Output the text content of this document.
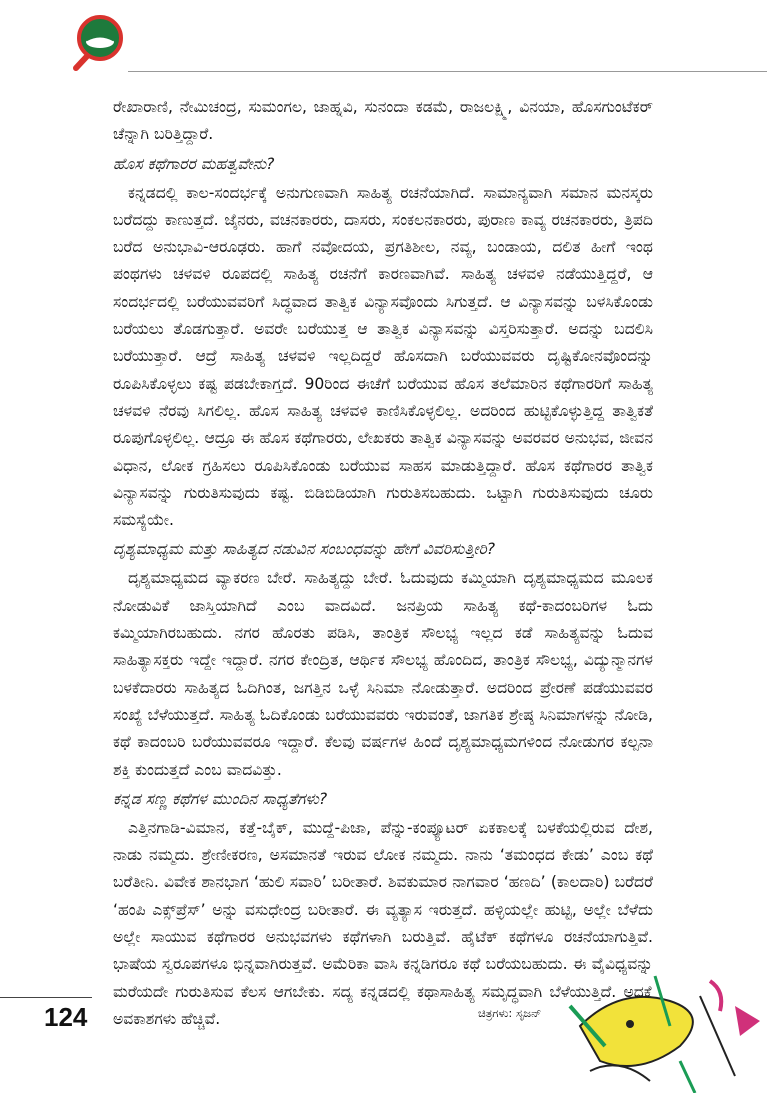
ರೇಖಾರಾಣಿ, ನೇಮಿಚಂದ್ರ, ಸುಮಂಗಲ, ಜಾಹ್ನವಿ, ಸುನಂದಾ ಕಡಮೆ, ರಾಜಲಕ್ಷ್ಮಿ, ವಿನಯಾ, ಹೊಸಗುಂಟೆಕರ್ ಚೆನ್ನಾಗಿ ಬರಿತ್ತಿದ್ದಾರೆ.

ಹೊಸ ಕಥೆಗಾರರ ಮಹತ್ವವೇನು?

ಕನ್ನಡದಲ್ಲಿ ಕಾಲ-ಸಂದರ್ಭಕ್ಕೆ ಅನುಗುಣವಾಗಿ ಸಾಹಿತ್ಯ ರಚನೆಯಾಗಿದೆ. ಸಾಮಾನ್ಯವಾಗಿ ಸಮಾನ ಮನಸ್ಕರು ಬರೆದದ್ದು ಕಾಣುತ್ತದೆ. ಜೈನರು, ವಚನಕಾರರು, ದಾಸರು, ಸಂಕಲನಕಾರರು, ಪುರಾಣ ಕಾವ್ಯ ರಚನಕಾರರು, ತ್ರಿಪದಿ ಬರೆದ ಅನುಭಾವಿ-ಆರೂಢರು. ಹಾಗೆ ನವೋದಯ, ಪ್ರಗತಿಶೀಲ, ನವ್ಯ, ಬಂಡಾಯ, ದಲಿತ ಹೀಗೆ ಇಂಥ ಪಂಥಗಳು ಚಳವಳಿ ರೂಪದಲ್ಲಿ ಸಾಹಿತ್ಯ ರಚನೆಗೆ ಕಾರಣವಾಗಿವೆ. ಸಾಹಿತ್ಯ ಚಳವಳಿ ನಡೆಯುತ್ತಿದ್ದರೆ, ಆ ಸಂದರ್ಭದಲ್ಲಿ ಬರೆಯುವವರಿಗೆ ಸಿದ್ಧವಾದ ತಾತ್ವಿಕ ವಿನ್ಯಾಸವೊಂದು ಸಿಗುತ್ತದೆ. ಆ ವಿನ್ಯಾಸವನ್ನು ಬಳಸಿಕೊಂಡು ಬರೆಯಲು ತೊಡಗುತ್ತಾರೆ. ಅವರೇ ಬರೆಯುತ್ತ ಆ ತಾತ್ವಿಕ ವಿನ್ಯಾಸವನ್ನು ವಿಸ್ತರಿಸುತ್ತಾರೆ. ಅದನ್ನು ಬದಲಿಸಿ ಬರೆಯುತ್ತಾರೆ. ಆದ್ರೆ ಸಾಹಿತ್ಯ ಚಳವಳಿ ಇಲ್ಲದಿದ್ದರೆ ಹೊಸದಾಗಿ ಬರೆಯುವವರು ದೃಷ್ಟಿಕೋನವೊಂದನ್ನು ರೂಪಿಸಿಕೊಳ್ಳಲು ಕಷ್ಟ ಪಡಬೇಕಾಗ್ತದೆ. 90ರಿಂದ ಈಚೆಗೆ ಬರೆಯುವ ಹೊಸ ತಲೆಮಾರಿನ ಕಥೆಗಾರರಿಗೆ ಸಾಹಿತ್ಯ ಚಳವಳಿ ನೆರವು ಸಿಗಲಿಲ್ಲ. ಹೊಸ ಸಾಹಿತ್ಯ ಚಳವಳಿ ಕಾಣಿಸಿಕೊಳ್ಳಲಿಲ್ಲ. ಅದರಿಂದ ಹುಟ್ಟಿಕೊಳ್ಳುತ್ತಿದ್ದ ತಾತ್ವಿಕತೆ ರೂಪುಗೊಳ್ಳಲಿಲ್ಲ. ಆದ್ರೂ ಈ ಹೊಸ ಕಥೆಗಾರರು, ಲೇಖಕರು ತಾತ್ವಿಕ ವಿನ್ಯಾಸವನ್ನು ಅವರವರ ಅನುಭವ, ಜೀವನ ವಿಧಾನ, ಲೋಕ ಗ್ರಹಿಸಲು ರೂಪಿಸಿಕೊಂಡು ಬರೆಯುವ ಸಾಹಸ ಮಾಡುತ್ತಿದ್ದಾರೆ. ಹೊಸ ಕಥೆಗಾರರ ತಾತ್ವಿಕ ವಿನ್ಯಾಸವನ್ನು ಗುರುತಿಸುವುದು ಕಷ್ಟ. ಬಿಡಿಬಿಡಿಯಾಗಿ ಗುರುತಿಸಬಹುದು. ಒಟ್ಟಾಗಿ ಗುರುತಿಸುವುದು ಚೂರು ಸಮಸ್ಯೆಯೇ.

ದೃಶ್ಯಮಾಧ್ಯಮ ಮತ್ತು ಸಾಹಿತ್ಯದ ನಡುವಿನ ಸಂಬಂಧವನ್ನು ಹೇಗೆ ವಿವರಿಸುತ್ತೀರಿ?

ದೃಶ್ಯಮಾಧ್ಯಮದ ವ್ಯಾಕರಣ ಬೇರೆ. ಸಾಹಿತ್ಯದ್ದು ಬೇರೆ. ಓದುವುದು ಕಮ್ಮಿಯಾಗಿ ದೃಶ್ಯಮಾಧ್ಯಮದ ಮೂಲಕ ನೋಡುವಿಕೆ ಜಾಸ್ತಿಯಾಗಿದೆ ಎಂಬ ವಾದವಿದೆ. ಜನಪ್ರಿಯ ಸಾಹಿತ್ಯ ಕಥೆ-ಕಾದಂಬರಿಗಳ ಓದು ಕಮ್ಮಿಯಾಗಿರಬಹುದು. ನಗರ ಹೊರತು ಪಡಿಸಿ, ತಾಂತ್ರಿಕ ಸೌಲಭ್ಯ ಇಲ್ಲದ ಕಡೆ ಸಾಹಿತ್ಯವನ್ನು ಓದುವ ಸಾಹಿತ್ಯಾಸಕ್ತರು ಇದ್ದೇ ಇದ್ದಾರೆ. ನಗರ ಕೇಂದ್ರಿತ, ಆರ್ಥಿಕ ಸೌಲಭ್ಯ ಹೊಂದಿದ, ತಾಂತ್ರಿಕ ಸೌಲಭ್ಯ, ವಿದ್ಯುನ್ಮಾನಗಳ ಬಳಕೆದಾರರು ಸಾಹಿತ್ಯದ ಓದಿಗಿಂತ, ಜಗತ್ತಿನ ಒಳ್ಳೆ ಸಿನಿಮಾ ನೋಡುತ್ತಾರೆ. ಅದರಿಂದ ಪ್ರೇರಣೆ ಪಡೆಯುವವರ ಸಂಖ್ಯೆ ಬೆಳೆಯುತ್ತದೆ. ಸಾಹಿತ್ಯ ಓದಿಕೊಂಡು ಬರೆಯುವವರು ಇರುವಂತೆ, ಜಾಗತಿಕ ಶ್ರೇಷ್ಠ ಸಿನಿಮಾಗಳನ್ನು ನೋಡಿ, ಕಥೆ ಕಾದಂಬರಿ ಬರೆಯುವವರೂ ಇದ್ದಾರೆ. ಕೆಲವು ವರ್ಷಗಳ ಹಿಂದೆ ದೃಶ್ಯಮಾಧ್ಯಮಗಳಿಂದ ನೋಡುಗರ ಕಲ್ಪನಾ ಶಕ್ತಿ ಕುಂದುತ್ತದೆ ಎಂಬ ವಾದವಿತ್ತು.

ಕನ್ನಡ ಸಣ್ಣ ಕಥೆಗಳ ಮುಂದಿನ ಸಾಧ್ಯತೆಗಳು?

ಎತ್ತಿನಗಾಡಿ-ವಿಮಾನ, ಕತ್ತೆ-ಬೈಕ್, ಮುದ್ದೆ-ಪಿಜಾ, ಪೆನ್ನು-ಕಂಪ್ಯೂಟರ್ ಏಕಕಾಲಕ್ಕೆ ಬಳಕೆಯಲ್ಲಿರುವ ದೇಶ, ನಾಡು ನಮ್ಮದು. ಶ್ರೇಣೀಕರಣ, ಅಸಮಾನತೆ ಇರುವ ಲೋಕ ನಮ್ಮದು. ನಾನು ‘ತಮಂಧದ ಕೇಡು’ ಎಂಬ ಕಥೆ ಬರೆತೀನಿ. ವಿವೇಕ ಶಾನಭಾಗ ‘ಹುಲಿ ಸವಾರಿ’ ಬರೀತಾರೆ. ಶಿವಕುಮಾರ ನಾಗವಾರ ‘ಹಣದಿ’ (ಕಾಲದಾರಿ) ಬರೆದರೆ ‘ಹಂಪಿ ಎಕ್ಸ್‌ಪ್ರೆಸ್’ ಅನ್ನು ವಸುಧೇಂದ್ರ ಬರೀತಾರೆ. ಈ ವ್ಯತ್ಯಾಸ ಇರುತ್ತದೆ. ಹಳ್ಳಿಯಲ್ಲೇ ಹುಟ್ಟಿ, ಅಲ್ಲೇ ಬೆಳೆದು ಅಲ್ಲೇ ಸಾಯುವ ಕಥೆಗಾರರ ಅನುಭವಗಳು ಕಥೆಗಳಾಗಿ ಬರುತ್ತಿವೆ. ಹೈಟೆಕ್ ಕಥೆಗಳೂ ರಚನೆಯಾಗುತ್ತಿವೆ. ಭಾಷೆಯ ಸ್ವರೂಪಗಳೂ ಭಿನ್ನವಾಗಿರುತ್ತವೆ. ಅಮೆರಿಕಾ ವಾಸಿ ಕನ್ನಡಿಗರೂ ಕಥೆ ಬರೆಯಬಹುದು. ಈ ವೈವಿಧ್ಯವನ್ನು ಮರೆಯದೇ ಗುರುತಿಸುವ ಕೆಲಸ ಆಗಬೇಕು. ಸದ್ಯ ಕನ್ನಡದಲ್ಲಿ ಕಥಾಸಾಹಿತ್ಯ ಸಮೃದ್ಧವಾಗಿ ಬೆಳೆಯುತ್ತಿದೆ. ಅದಕ್ಕೆ ಅವಕಾಶಗಳು ಹೆಚ್ಚಿವೆ.

124	ಚಿತ್ರಗಳು: ಸೃಜನ್
